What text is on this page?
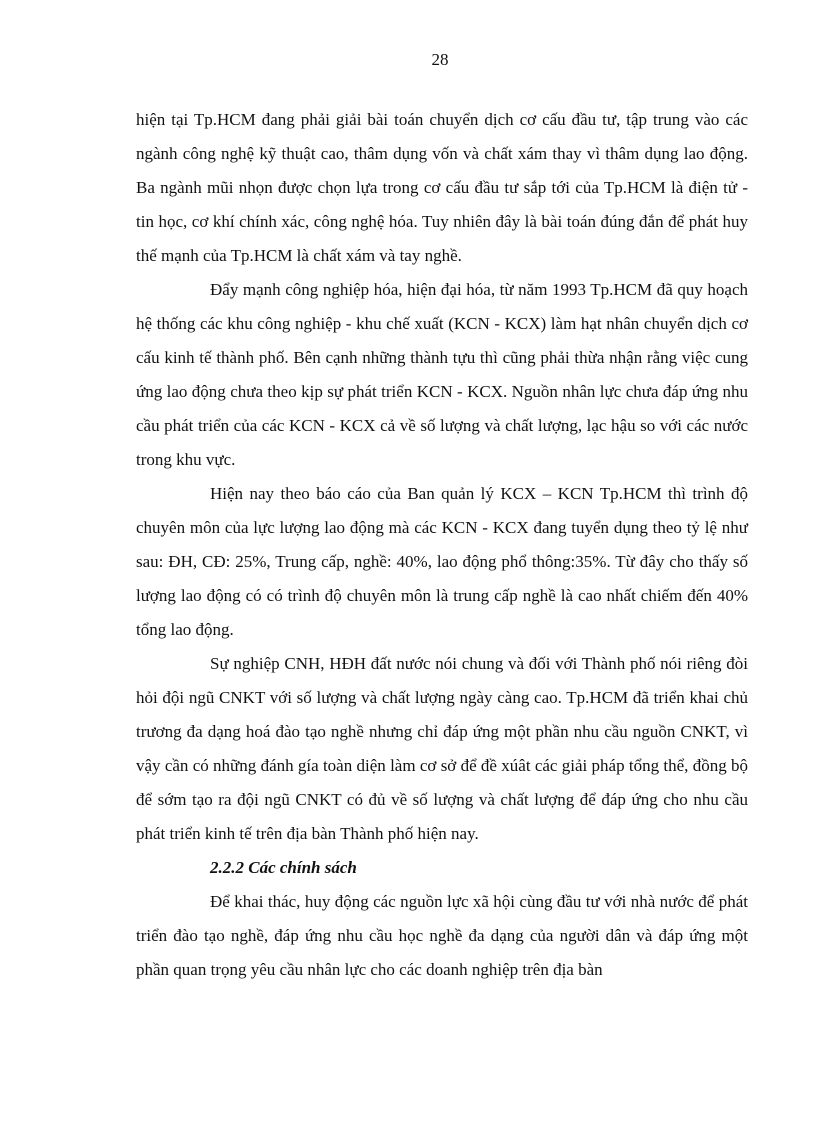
28

hiện tại Tp.HCM đang phải giải bài toán chuyển dịch cơ cấu đầu tư, tập trung vào các ngành công nghệ kỹ thuật cao, thâm dụng vốn và chất xám thay vì thâm dụng lao động. Ba ngành mũi nhọn được chọn lựa trong cơ cấu đầu tư sắp tới của Tp.HCM là điện tử - tin học, cơ khí chính xác, công nghệ hóa. Tuy nhiên đây là bài toán đúng đắn để phát huy thế mạnh của Tp.HCM là chất xám và tay nghề.

Đẩy mạnh công nghiệp hóa, hiện đại hóa, từ năm 1993 Tp.HCM đã quy hoạch hệ thống các khu công nghiệp - khu chế xuất (KCN - KCX) làm hạt nhân chuyển dịch cơ cấu kinh tế thành phố. Bên cạnh những thành tựu thì cũng phải thừa nhận rằng việc cung ứng lao động chưa theo kịp sự phát triển KCN - KCX. Nguồn nhân lực chưa đáp ứng nhu cầu phát triển của các KCN - KCX cả về số lượng và chất lượng, lạc hậu so với các nước trong khu vực.

Hiện nay theo báo cáo của Ban quản lý KCX – KCN Tp.HCM thì trình độ chuyên môn của lực lượng lao động mà các KCN - KCX đang tuyển dụng theo tỷ lệ như sau: ĐH, CĐ: 25%, Trung cấp, nghề: 40%, lao động phổ thông:35%. Từ đây cho thấy số lượng lao động có có trình độ chuyên môn là trung cấp nghề là cao nhất chiếm đến 40% tổng lao động.

Sự nghiệp CNH, HĐH đất nước nói chung và đối với Thành phố nói riêng đòi hỏi đội ngũ CNKT với số lượng và chất lượng ngày càng cao. Tp.HCM đã triển khai chủ trương đa dạng hoá đào tạo nghề nhưng chỉ đáp ứng một phần nhu cầu nguồn CNKT, vì vậy cần có những đánh gía toàn diện làm cơ sở để đề xúât các giải pháp tổng thể, đồng bộ để sớm tạo ra đội ngũ CNKT có đủ về số lượng và chất lượng để đáp ứng cho nhu cầu phát triển kinh tế trên địa bàn Thành phố hiện nay.

2.2.2 Các chính sách

Để khai thác, huy động các nguồn lực xã hội cùng đầu tư với nhà nước để phát triển đào tạo nghề, đáp ứng nhu cầu học nghề đa dạng của người dân và đáp ứng một phần quan trọng yêu cầu nhân lực cho các doanh nghiệp trên địa bàn
